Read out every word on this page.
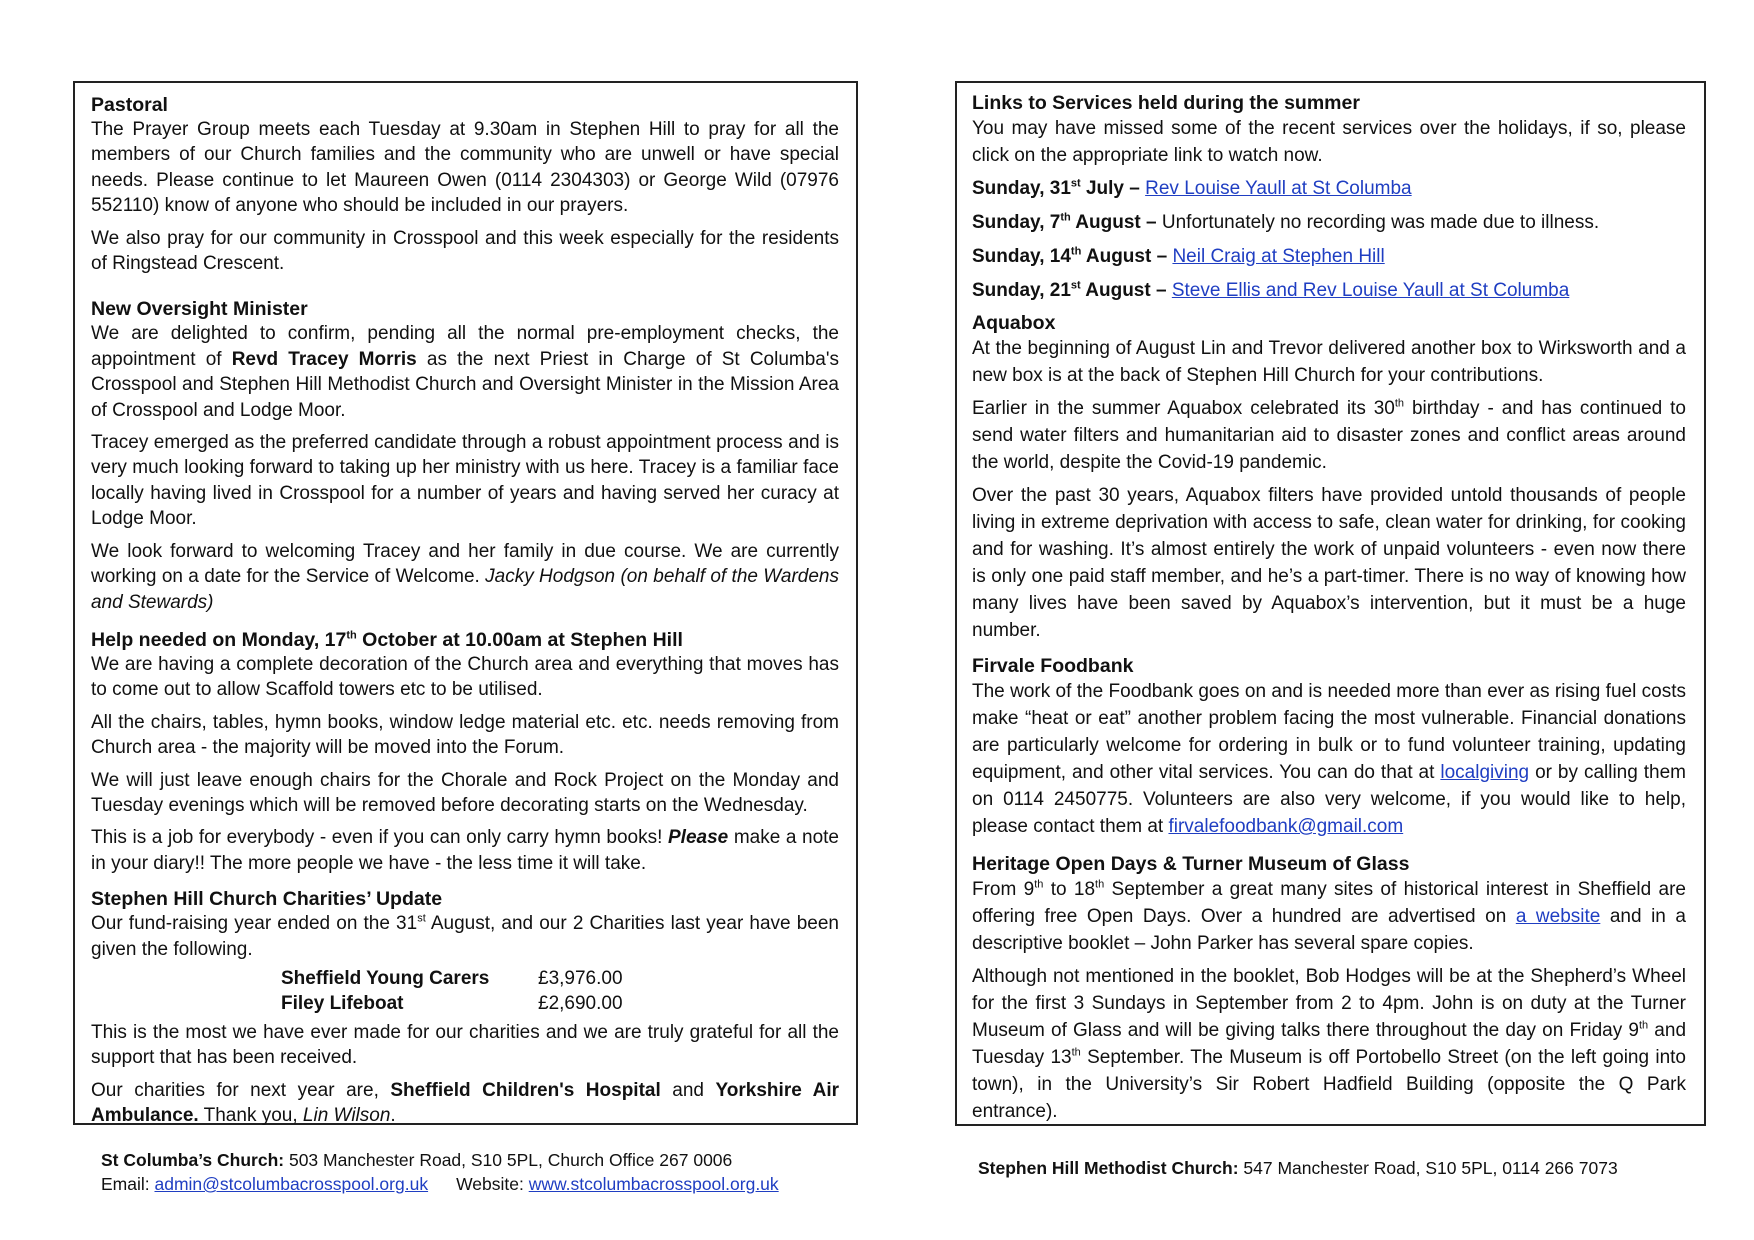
Pastoral

The Prayer Group meets each Tuesday at 9.30am in Stephen Hill to pray for all the members of our Church families and the community who are unwell or have special needs. Please continue to let Maureen Owen (0114 2304303) or George Wild (07976 552110) know of anyone who should be included in our prayers.

We also pray for our community in Crosspool and this week especially for the residents of Ringstead Crescent.

New Oversight Minister

We are delighted to confirm, pending all the normal pre-employment checks, the appointment of Revd Tracey Morris as the next Priest in Charge of St Columba's Crosspool and Stephen Hill Methodist Church and Oversight Minister in the Mission Area of Crosspool and Lodge Moor.

Tracey emerged as the preferred candidate through a robust appointment process and is very much looking forward to taking up her ministry with us here. Tracey is a familiar face locally having lived in Crosspool for a number of years and having served her curacy at Lodge Moor.

We look forward to welcoming Tracey and her family in due course. We are currently working on a date for the Service of Welcome. Jacky Hodgson (on behalf of the Wardens and Stewards)

Help needed on Monday, 17th October at 10.00am at Stephen Hill

We are having a complete decoration of the Church area and everything that moves has to come out to allow Scaffold towers etc to be utilised.

All the chairs, tables, hymn books, window ledge material etc. etc. needs removing from Church area - the majority will be moved into the Forum.

We will just leave enough chairs for the Chorale and Rock Project on the Monday and Tuesday evenings which will be removed before decorating starts on the Wednesday.

This is a job for everybody - even if you can only carry hymn books! Please make a note in your diary!! The more people we have - the less time it will take.

Stephen Hill Church Charities’ Update

Our fund-raising year ended on the 31st August, and our 2 Charities last year have been given the following.

Sheffield Young Carers	£3,976.00
Filey Lifeboat	£2,690.00

This is the most we have ever made for our charities and we are truly grateful for all the support that has been received.

Our charities for next year are, Sheffield Children's Hospital and Yorkshire Air Ambulance. Thank you, Lin Wilson.

Links to Services held during the summer

You may have missed some of the recent services over the holidays, if so, please click on the appropriate link to watch now.

Sunday, 31st July – Rev Louise Yaull at St Columba
Sunday, 7th August – Unfortunately no recording was made due to illness.
Sunday, 14th August – Neil Craig at Stephen Hill
Sunday, 21st August – Steve Ellis and Rev Louise Yaull at St Columba
Aquabox

At the beginning of August Lin and Trevor delivered another box to Wirksworth and a new box is at the back of Stephen Hill Church for your contributions.

Earlier in the summer Aquabox celebrated its 30th birthday - and has continued to send water filters and humanitarian aid to disaster zones and conflict areas around the world, despite the Covid-19 pandemic.

Over the past 30 years, Aquabox filters have provided untold thousands of people living in extreme deprivation with access to safe, clean water for drinking, for cooking and for washing. It’s almost entirely the work of unpaid volunteers - even now there is only one paid staff member, and he’s a part-timer. There is no way of knowing how many lives have been saved by Aquabox’s intervention, but it must be a huge number.

Firvale Foodbank

The work of the Foodbank goes on and is needed more than ever as rising fuel costs make “heat or eat” another problem facing the most vulnerable. Financial donations are particularly welcome for ordering in bulk or to fund volunteer training, updating equipment, and other vital services. You can do that at localgiving or by calling them on 0114 2450775. Volunteers are also very welcome, if you would like to help, please contact them at firvalefoodbank@gmail.com

Heritage Open Days & Turner Museum of Glass

From 9th to 18th September a great many sites of historical interest in Sheffield are offering free Open Days. Over a hundred are advertised on a website and in a descriptive booklet – John Parker has several spare copies.

Although not mentioned in the booklet, Bob Hodges will be at the Shepherd’s Wheel for the first 3 Sundays in September from 2 to 4pm. John is on duty at the Turner Museum of Glass and will be giving talks there throughout the day on Friday 9th and Tuesday 13th September. The Museum is off Portobello Street (on the left going into town), in the University’s Sir Robert Hadfield Building (opposite the Q Park entrance).

St Columba’s Church: 503 Manchester Road, S10 5PL, Church Office 267 0006
Email: admin@stcolumbacrosspool.org.uk Website: www.stcolumbacrosspool.org.uk
Stephen Hill Methodist Church: 547 Manchester Road, S10 5PL, 0114 266 7073
